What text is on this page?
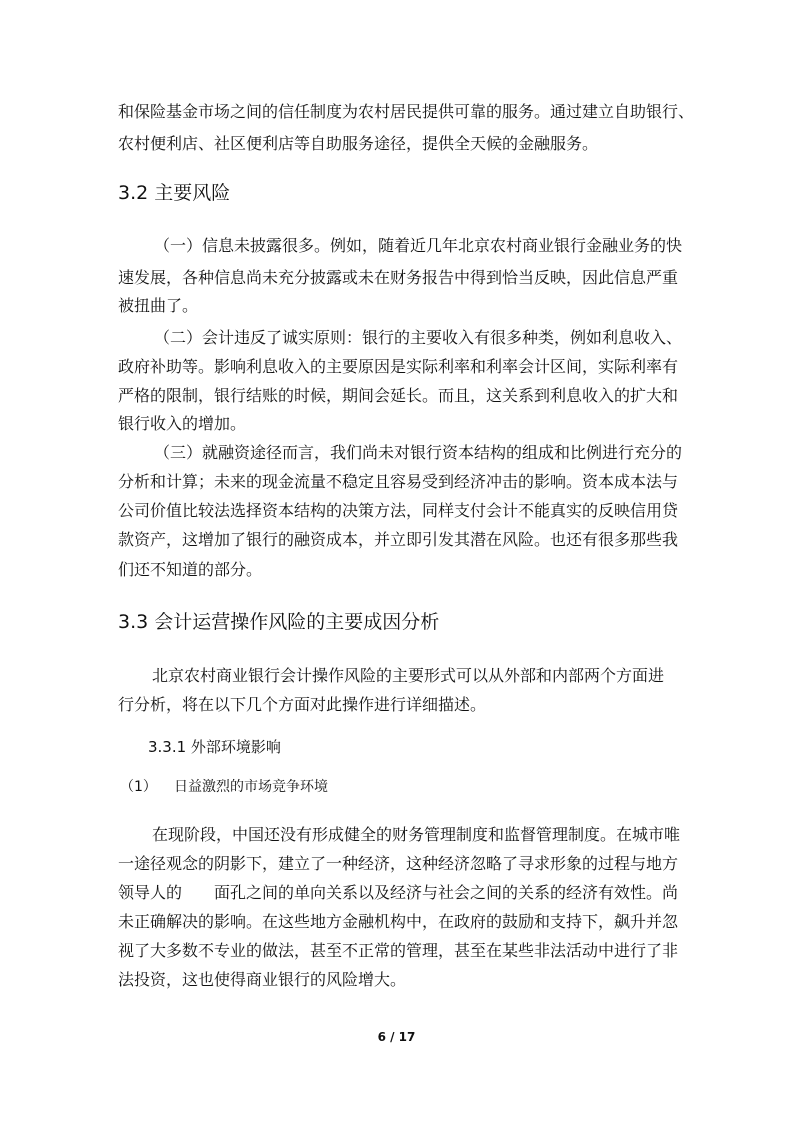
和保险基金市场之间的信任制度为农村居民提供可靠的服务。通过建立自助银行、
农村便利店、社区便利店等自助服务途径，提供全天候的金融服务。
3.2 主要风险
（一）信息未披露很多。例如，随着近几年北京农村商业银行金融业务的快
速发展，各种信息尚未充分披露或未在财务报告中得到恰当反映，因此信息严重
被扭曲了。
（二）会计违反了诚实原则：银行的主要收入有很多种类，例如利息收入、
政府补助等。影响利息收入的主要原因是实际利率和利率会计区间，实际利率有
严格的限制，银行结账的时候，期间会延长。而且，这关系到利息收入的扩大和
银行收入的增加。
（三）就融资途径而言，我们尚未对银行资本结构的组成和比例进行充分的
分析和计算；未来的现金流量不稳定且容易受到经济冲击的影响。资本成本法与
公司价值比较法选择资本结构的决策方法，同样支付会计不能真实的反映信用贷
款资产，这增加了银行的融资成本，并立即引发其潜在风险。也还有很多那些我
们还不知道的部分。
3.3 会计运营操作风险的主要成因分析
北京农村商业银行会计操作风险的主要形式可以从外部和内部两个方面进
行分析，将在以下几个方面对此操作进行详细描述。
3.3.1 外部环境影响
（1） 日益激烈的市场竞争环境
在现阶段，中国还没有形成健全的财务管理制度和监督管理制度。在城市唯
一途径观念的阴影下，建立了一种经济，这种经济忽略了寻求形象的过程与地方
领导人的　　面孔之间的单向关系以及经济与社会之间的关系的经济有效性。尚
未正确解决的影响。在这些地方金融机构中，在政府的鼓励和支持下，飙升并忽
视了大多数不专业的做法，甚至不正常的管理，甚至在某些非法活动中进行了非
法投资，这也使得商业银行的风险增大。
6 / 17
